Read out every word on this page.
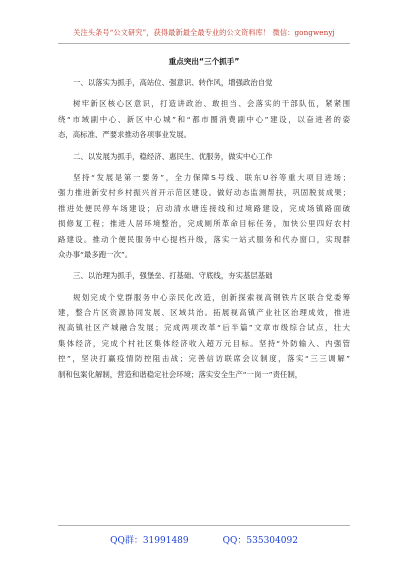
关注头条号“公文研究”，获得最新最全最专业的公文资料库！ 微信：gongwenyj
重点突出“三个抓手”
一、以落实为抓手，高站位、强意识、转作风，增强政治自觉
树牢新区核心区意识，打造讲政治、敢担当、会落实的干部队伍，紧紧围
绕“市域副中心、新区中心城”和“都市圈消费副中心”建设，以奋进者的姿
态，高标准、严要求推动各项事业发展。
二、以发展为抓手，稳经济、惠民生、优服务，做实中心工作
坚持“发展是第一要务”，全力保障S号线、联东U谷等重大项目进场；
强力推进新安村乡村振兴首开示范区建设。做好动态监测帮扶，巩固脱贫成果；
推进处便民停车场建设；启动清水塘连接线和过境路建设，完成场镇路面破
损修复工程；推进人居环境整治，完成厕所革命目标任务，加快公里四好农村
路建设。推动个便民服务中心提档升级，落实一站式服务和代办窗口，实现群
众办事“最多跑一次”。
三、以治理为抓手，强堡垒、打基础、守底线，夯实基层基础
规划完成个党群服务中心亲民化改造，创新探索视高钢铁片区联合党委筹
建，整合片区资源协同发展、区域共治。拓展视高镇产业社区治理成效，推进
视高镇社区产城融合发展；完成两项改革“后半篇”文章市级综合试点，壮大
集体经济，完成个村社区集体经济收入超万元目标。坚持“外防输入、内强管
控”，坚决打赢疫情防控阻击战；完善信访联席会议制度，落实“三三调解”
制和包案化解制，营造和谐稳定社会环境；落实安全生产“一岗一”责任制，
QQ群：31991489	QQ：535304092
